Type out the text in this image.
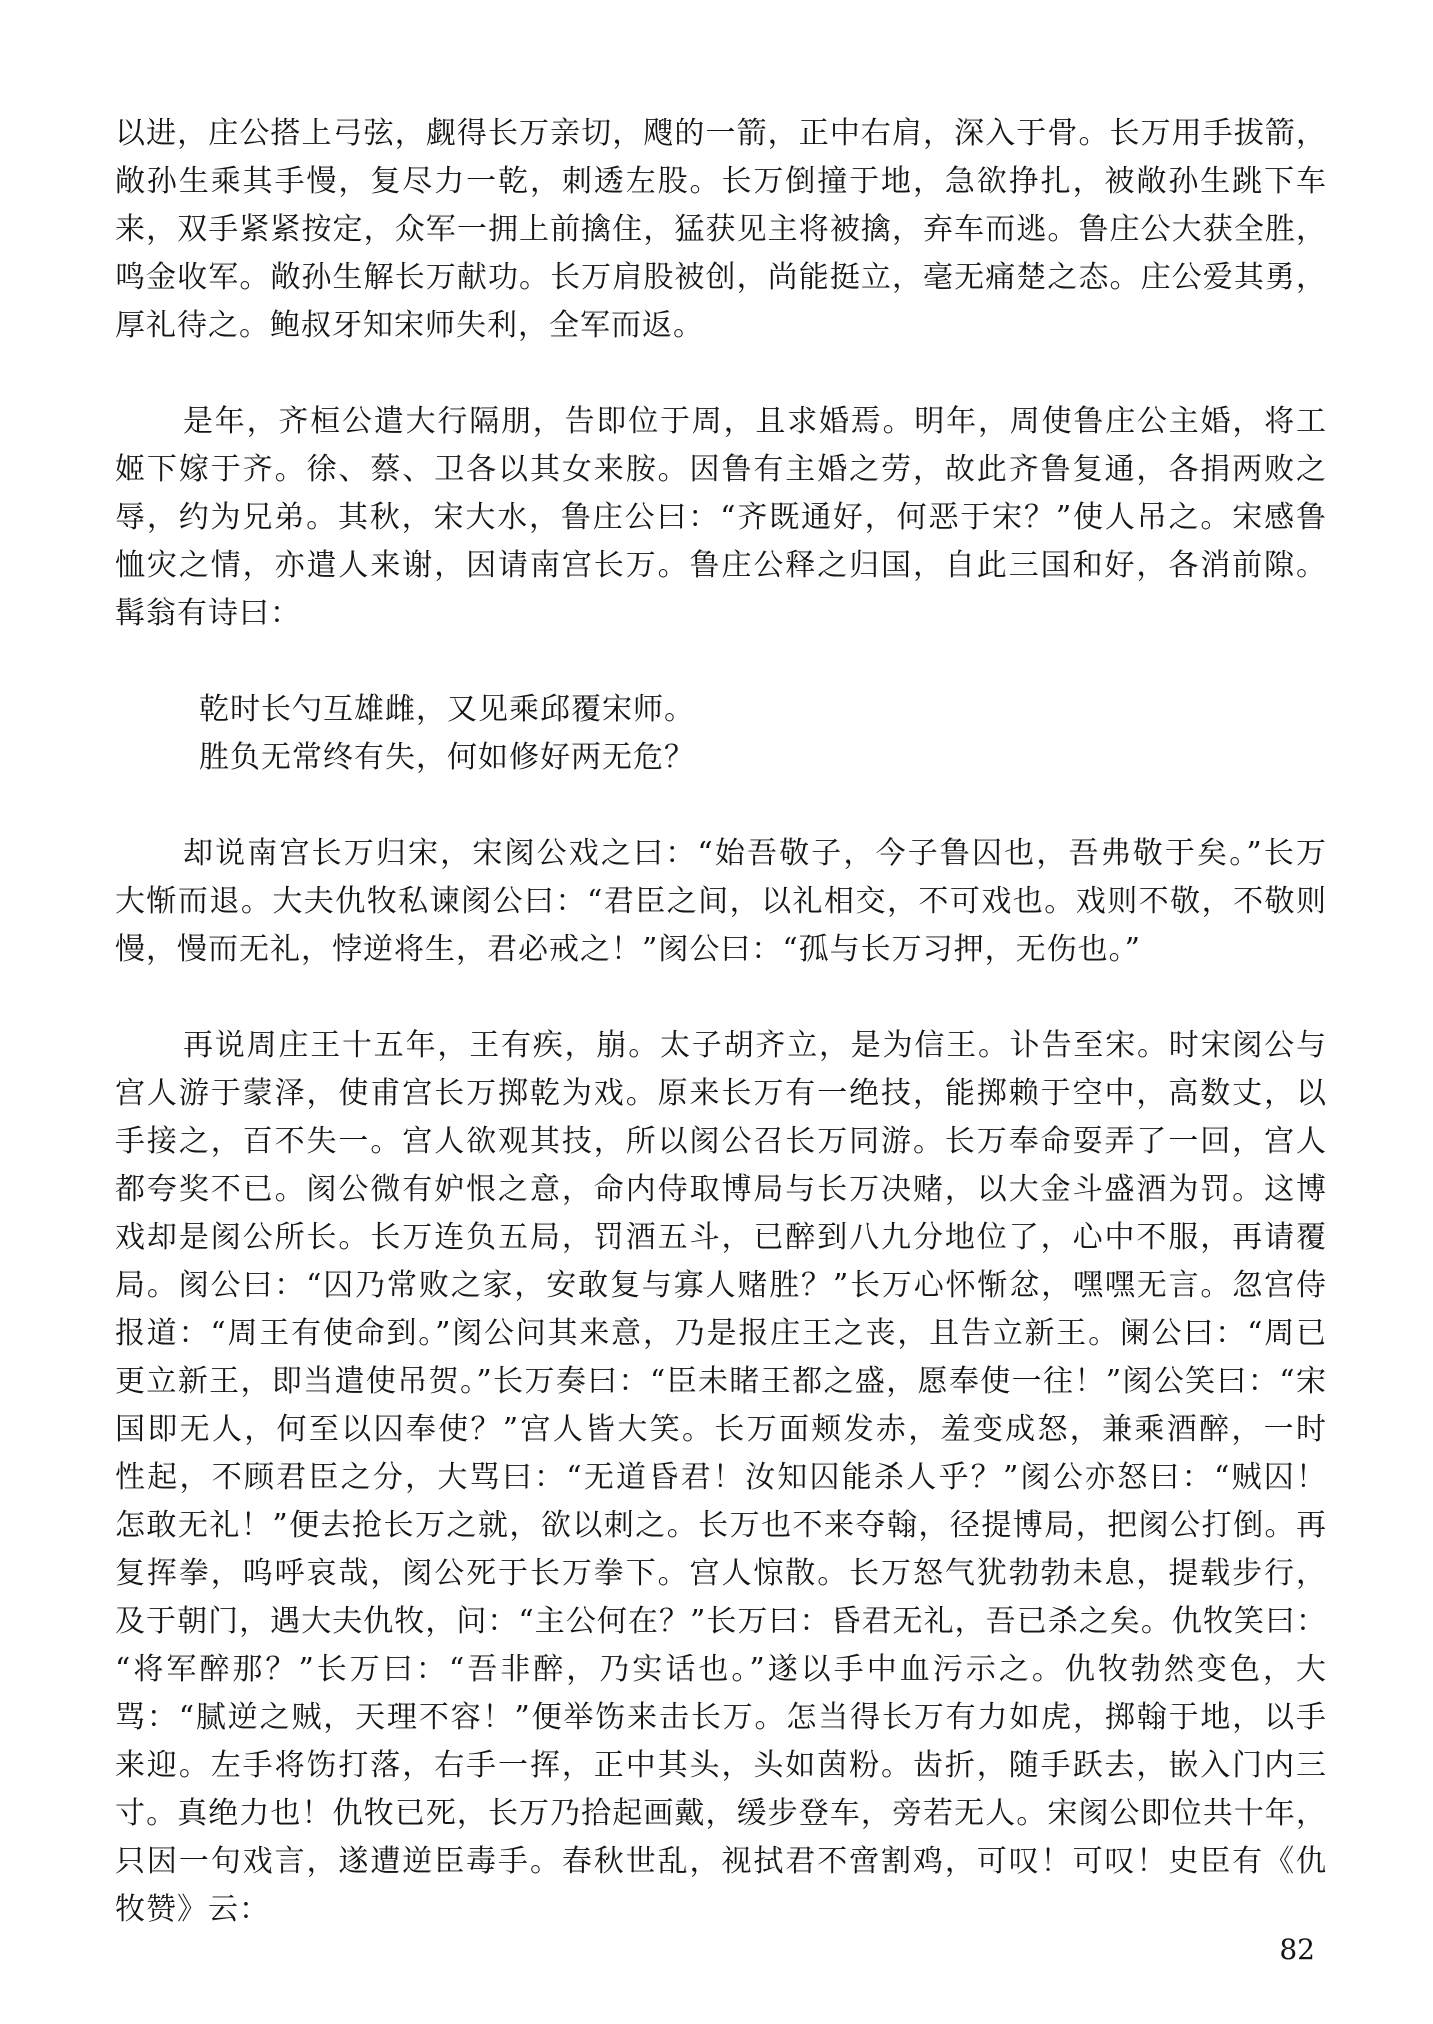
以进，庄公搭上弓弦，觑得长万亲切，飕的一箭，正中右肩，深入于骨。长万用手拔箭，
敞孙生乘其手慢，复尽力一乾，刺透左股。长万倒撞于地，急欲挣扎，被敞孙生跳下车
来，双手紧紧按定，众军一拥上前擒住，猛获见主将被擒，弃车而逃。鲁庄公大获全胜，
鸣金收军。敞孙生解长万献功。长万肩股被创，尚能挺立，毫无痛楚之态。庄公爱其勇，
厚礼待之。鲍叔牙知宋师失利，全军而返。
是年，齐桓公遣大行隔朋，告即位于周，且求婚焉。明年，周使鲁庄公主婚，将工
姬下嫁于齐。徐、蔡、卫各以其女来胺。因鲁有主婚之劳，故此齐鲁复通，各捐两败之
辱，约为兄弟。其秋，宋大水，鲁庄公曰：“齐既通好，何恶于宋？”使人吊之。宋感鲁
恤灾之情，亦遣人来谢，因请南宫长万。鲁庄公释之归国，自此三国和好，各消前隙。
髯翁有诗曰：
乾时长勺互雄雌，又见乘邱覆宋师。
胜负无常终有失，何如修好两无危？
却说南宫长万归宋，宋阂公戏之曰：“始吾敬子，今子鲁囚也，吾弗敬于矣。”长万
大惭而退。大夫仇牧私谏阂公曰：“君臣之间，以礼相交，不可戏也。戏则不敬，不敬则
慢，慢而无礼，悖逆将生，君必戒之！”阂公曰：“孤与长万习押，无伤也。”
再说周庄王十五年，王有疾，崩。太子胡齐立，是为信王。讣告至宋。时宋阂公与
宫人游于蒙泽，使甫宫长万掷乾为戏。原来长万有一绝技，能掷赖于空中，高数丈，以
手接之，百不失一。宫人欲观其技，所以阂公召长万同游。长万奉命耍弄了一回，宫人
都夸奖不已。阂公微有妒恨之意，命内侍取博局与长万决赌，以大金斗盛酒为罚。这博
戏却是阂公所长。长万连负五局，罚酒五斗，已醉到八九分地位了，心中不服，再请覆
局。阂公曰：“囚乃常败之家，安敢复与寡人赌胜？”长万心怀惭忿，嘿嘿无言。忽宫侍
报道：“周王有使命到。”阂公问其来意，乃是报庄王之丧，且告立新王。阑公曰：“周已
更立新王，即当遣使吊贺。”长万奏曰：“臣未睹王都之盛，愿奉使一往！”阂公笑曰：“宋
国即无人，何至以囚奉使？”宫人皆大笑。长万面颊发赤，羞变成怒，兼乘酒醉，一时
性起，不顾君臣之分，大骂曰：“无道昏君！汝知囚能杀人乎？”阂公亦怒曰：“贼囚！
怎敢无礼！”便去抢长万之就，欲以刺之。长万也不来夺翰，径提博局，把阂公打倒。再
复挥拳，呜呼哀哉，阂公死于长万拳下。宫人惊散。长万怒气犹勃勃未息，提载步行，
及于朝门，遇大夫仇牧，问：“主公何在？”长万曰：昏君无礼，吾已杀之矣。仇牧笑曰：
“将军醉那？”长万曰：“吾非醉，乃实话也。”遂以手中血污示之。仇牧勃然变色，大
骂：“腻逆之贼，天理不容！”便举饬来击长万。怎当得长万有力如虎，掷翰于地，以手
来迎。左手将饬打落，右手一挥，正中其头，头如茵粉。齿折，随手跃去，嵌入门内三
寸。真绝力也！仇牧已死，长万乃拾起画戴，缓步登车，旁若无人。宋阂公即位共十年，
只因一句戏言，遂遭逆臣毒手。春秋世乱，视拭君不啻割鸡，可叹！可叹！史臣有《仇
牧赞》云：
82
